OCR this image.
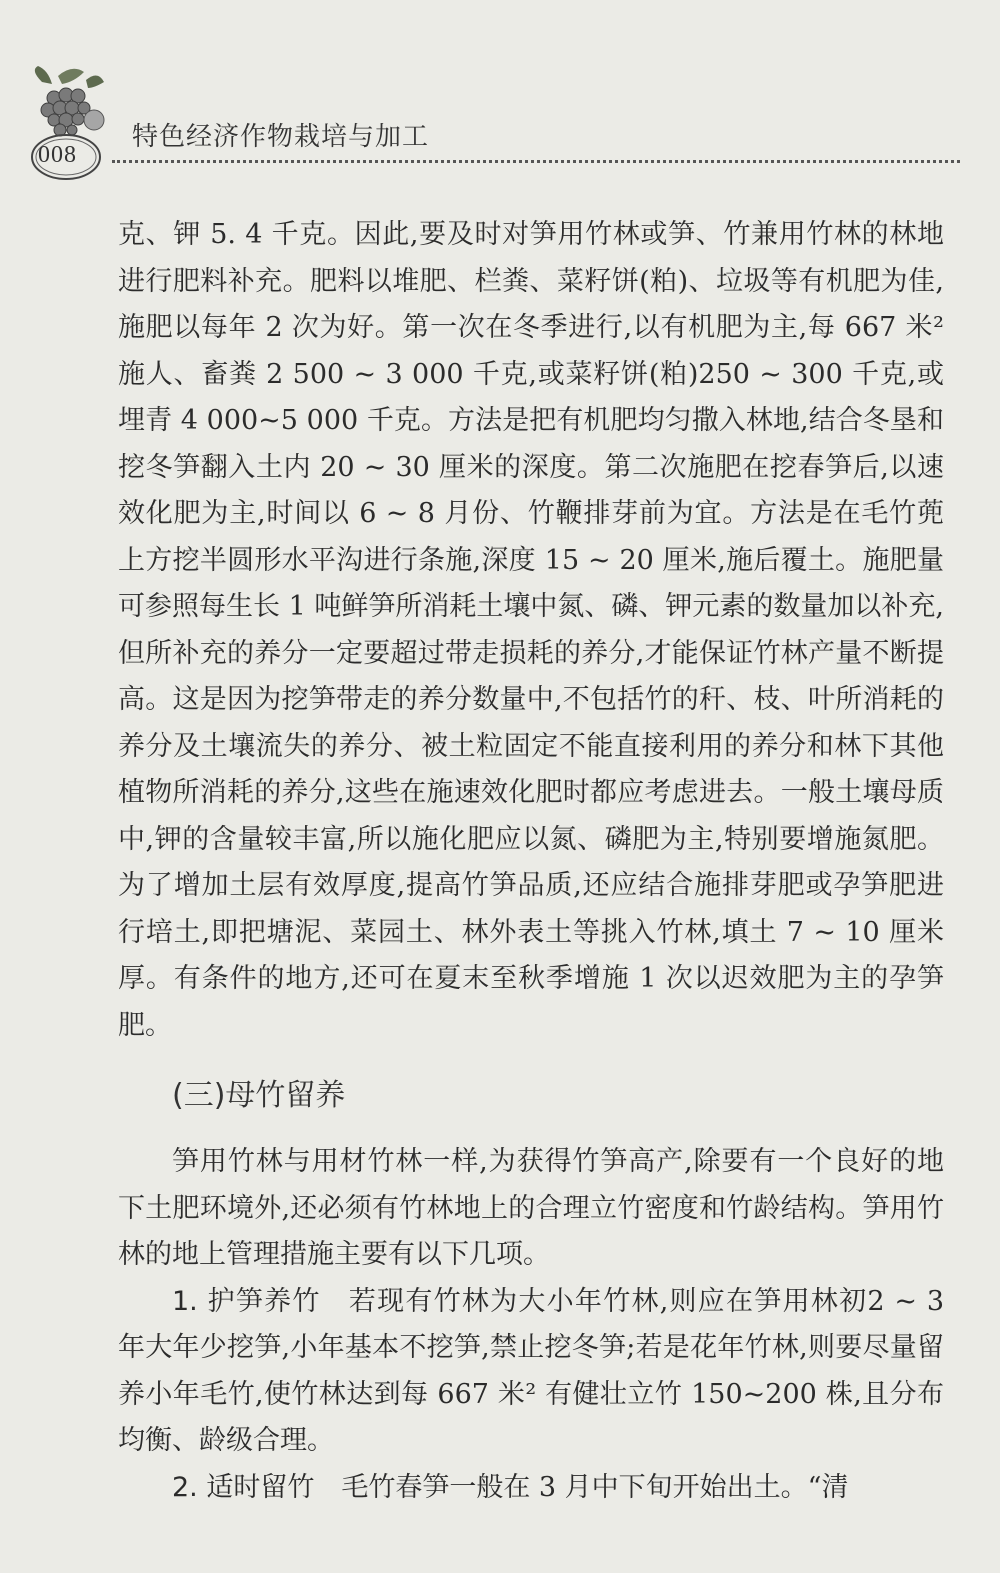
008
特色经济作物栽培与加工

克、钾 5. 4 千克。因此,要及时对笋用竹林或笋、竹兼用竹林的林地进行肥料补充。肥料以堆肥、栏粪、菜籽饼(粕)、垃圾等有机肥为佳,施肥以每年 2 次为好。第一次在冬季进行,以有机肥为主,每 667 米² 施人、畜粪 2 500 ~ 3 000 千克,或菜籽饼(粕)250 ~ 300 千克,或埋青 4 000~5 000 千克。方法是把有机肥均匀撒入林地,结合冬垦和挖冬笋翻入土内 20 ~ 30 厘米的深度。第二次施肥在挖春笋后,以速效化肥为主,时间以 6 ~ 8 月份、竹鞭排芽前为宜。方法是在毛竹蔸上方挖半圆形水平沟进行条施,深度 15 ~ 20 厘米,施后覆土。施肥量可参照每生长 1 吨鲜笋所消耗土壤中氮、磷、钾元素的数量加以补充,但所补充的养分一定要超过带走损耗的养分,才能保证竹林产量不断提高。这是因为挖笋带走的养分数量中,不包括竹的秆、枝、叶所消耗的养分及土壤流失的养分、被土粒固定不能直接利用的养分和林下其他植物所消耗的养分,这些在施速效化肥时都应考虑进去。一般土壤母质中,钾的含量较丰富,所以施化肥应以氮、磷肥为主,特别要增施氮肥。为了增加土层有效厚度,提高竹笋品质,还应结合施排芽肥或孕笋肥进行培土,即把塘泥、菜园土、林外表土等挑入竹林,填土 7 ~ 10 厘米厚。有条件的地方,还可在夏末至秋季增施 1 次以迟效肥为主的孕笋肥。

(三)母竹留养

笋用竹林与用材竹林一样,为获得竹笋高产,除要有一个良好的地下土肥环境外,还必须有竹林地上的合理立竹密度和竹龄结构。笋用竹林的地上管理措施主要有以下几项。

1. 护笋养竹  若现有竹林为大小年竹林,则应在笋用林初2 ~ 3 年大年少挖笋,小年基本不挖笋,禁止挖冬笋;若是花年竹林,则要尽量留养小年毛竹,使竹林达到每 667 米² 有健壮立竹 150~200 株,且分布均衡、龄级合理。

2. 适时留竹  毛竹春笋一般在 3 月中下旬开始出土。“清
